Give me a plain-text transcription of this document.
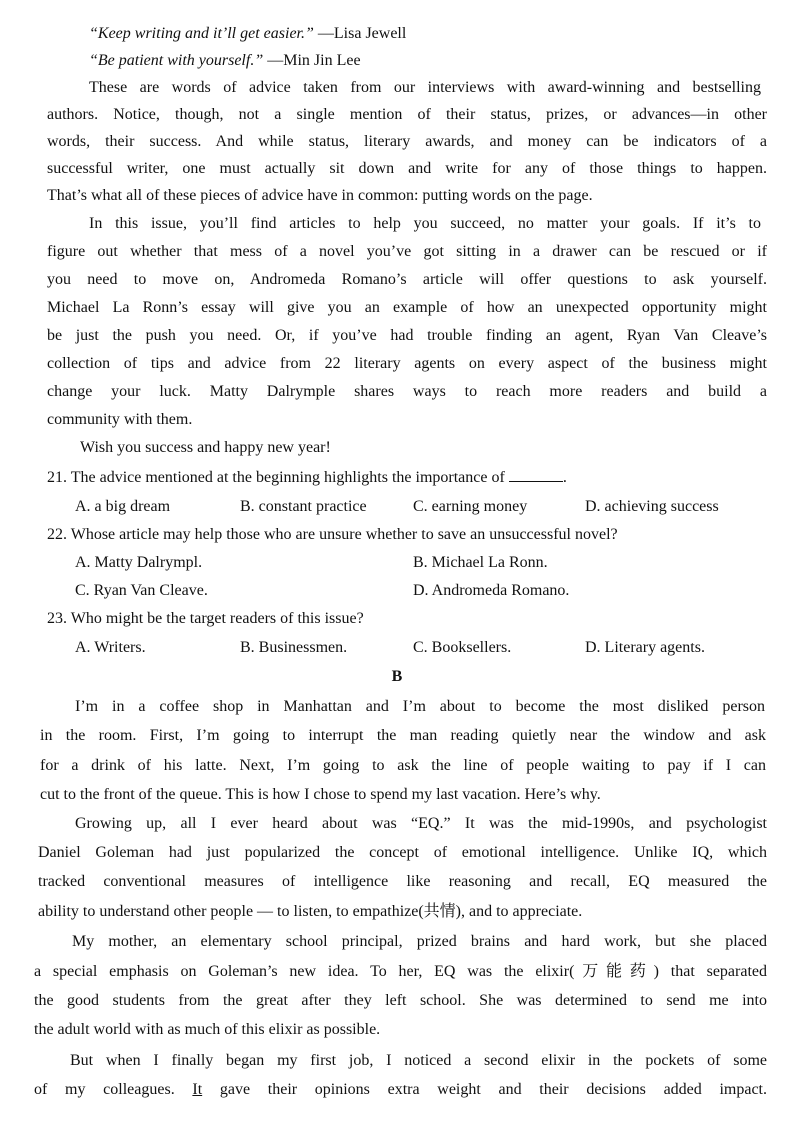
“Keep writing and it’ll get easier.” —Lisa Jewell
“Be patient with yourself.” —Min Jin Lee
These are words of advice taken from our interviews with award-winning and bestselling
authors. Notice, though, not a single mention of their status, prizes, or advances—in other
words, their success. And while status, literary awards, and money can be indicators of a
successful writer, one must actually sit down and write for any of those things to happen.
That’s what all of these pieces of advice have in common: putting words on the page.
In this issue, you’ll find articles to help you succeed, no matter your goals. If it’s to
figure out whether that mess of a novel you’ve got sitting in a drawer can be rescued or if
you need to move on, Andromeda Romano’s article will offer questions to ask yourself.
Michael La Ronn’s essay will give you an example of how an unexpected opportunity might
be just the push you need. Or, if you’ve had trouble finding an agent, Ryan Van Cleave’s
collection of tips and advice from 22 literary agents on every aspect of the business might
change your luck. Matty Dalrymple shares ways to reach more readers and build a
community with them.
Wish you success and happy new year!
21. The advice mentioned at the beginning highlights the importance of	.
A. a big dream	B. constant practice	C. earning money	D. achieving success
22. Whose article may help those who are unsure whether to save an unsuccessful novel?
A. Matty Dalrympl.	B. Michael La Ronn.
C. Ryan Van Cleave.	D. Andromeda Romano.
23. Who might be the target readers of this issue?
A. Writers.	B. Businessmen.	C. Booksellers.	D. Literary agents.
B
I’m in a coffee shop in Manhattan and I’m about to become the most disliked person
in the room. First, I’m going to interrupt the man reading quietly near the window and ask
for a drink of his latte. Next, I’m going to ask the line of people waiting to pay if I can
cut to the front of the queue. This is how I chose to spend my last vacation. Here’s why.
Growing up, all I ever heard about was “EQ.” It was the mid-1990s, and psychologist
Daniel Goleman had just popularized the concept of emotional intelligence. Unlike IQ, which
tracked conventional measures of intelligence like reasoning and recall, EQ measured the
ability to understand other people — to listen, to empathize(共情), and to appreciate.
My mother, an elementary school principal, prized brains and hard work, but she placed
a special emphasis on Goleman’s new idea. To her, EQ was the elixir(万能药) that separated
the good students from the great after they left school. She was determined to send me into
the adult world with as much of this elixir as possible.
But when I finally began my first job, I noticed a second elixir in the pockets of some
of my colleagues. It gave their opinions extra weight and their decisions added impact.
